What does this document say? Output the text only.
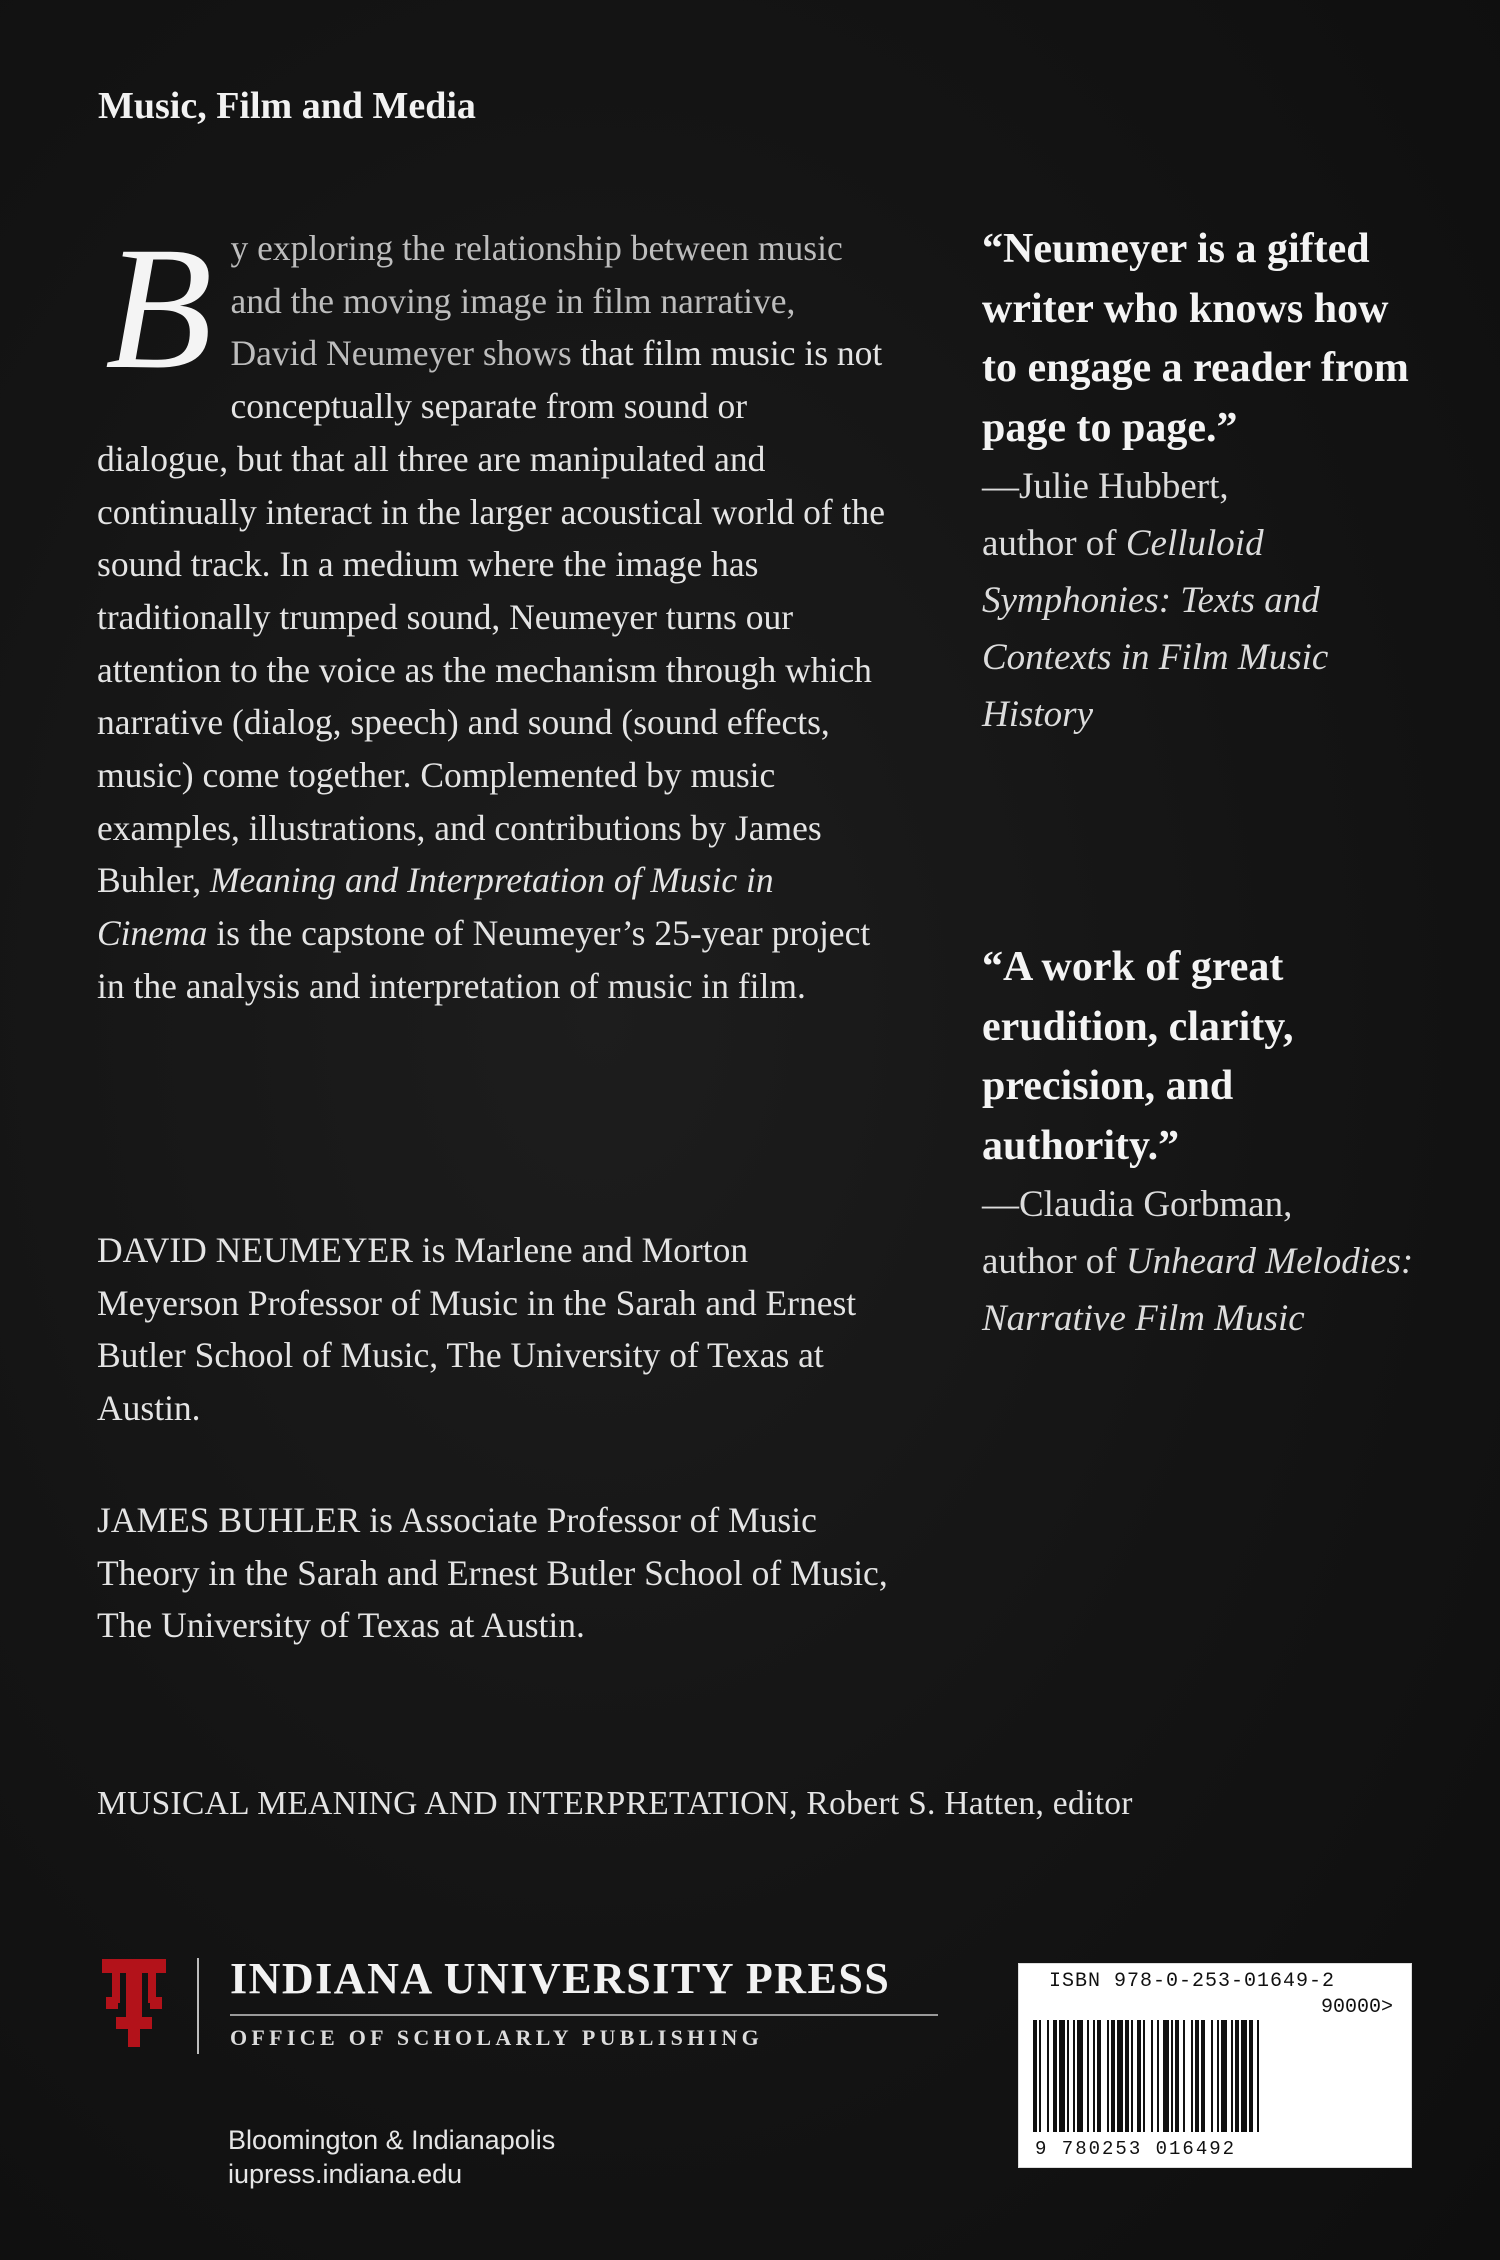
Music, Film and Media

B y exploring the relationship between music and the moving image in film narrative, David Neumeyer shows that film music is not conceptually separate from sound or dialogue, but that all three are manipulated and continually interact in the larger acoustical world of the sound track. In a medium where the image has traditionally trumped sound, Neumeyer turns our attention to the voice as the mechanism through which narrative (dialog, speech) and sound (sound effects, music) come together. Complemented by music examples, illustrations, and contributions by James Buhler, Meaning and Interpretation of Music in Cinema is the capstone of Neumeyer’s 25-year project in the analysis and interpretation of music in film.

DAVID NEUMEYER is Marlene and Morton Meyerson Professor of Music in the Sarah and Ernest Butler School of Music, The University of Texas at Austin.

JAMES BUHLER is Associate Professor of Music Theory in the Sarah and Ernest Butler School of Music, The University of Texas at Austin.

“Neumeyer is a gifted writer who knows how to engage a reader from page to page.”

—Julie Hubbert,
author of Celluloid Symphonies: Texts and Contexts in Film Music History

“A work of great erudition, clarity, precision, and authority.”

—Claudia Gorbman,
author of Unheard Melodies: Narrative Film Music

MUSICAL MEANING AND INTERPRETATION, Robert S. Hatten, editor
INDIANA UNIVERSITY PRESS
OFFICE OF SCHOLARLY PUBLISHING
Bloomington & Indianapolis
iupress.indiana.edu
ISBN 978-0-253-01649-2
90000>
9 780253 016492
